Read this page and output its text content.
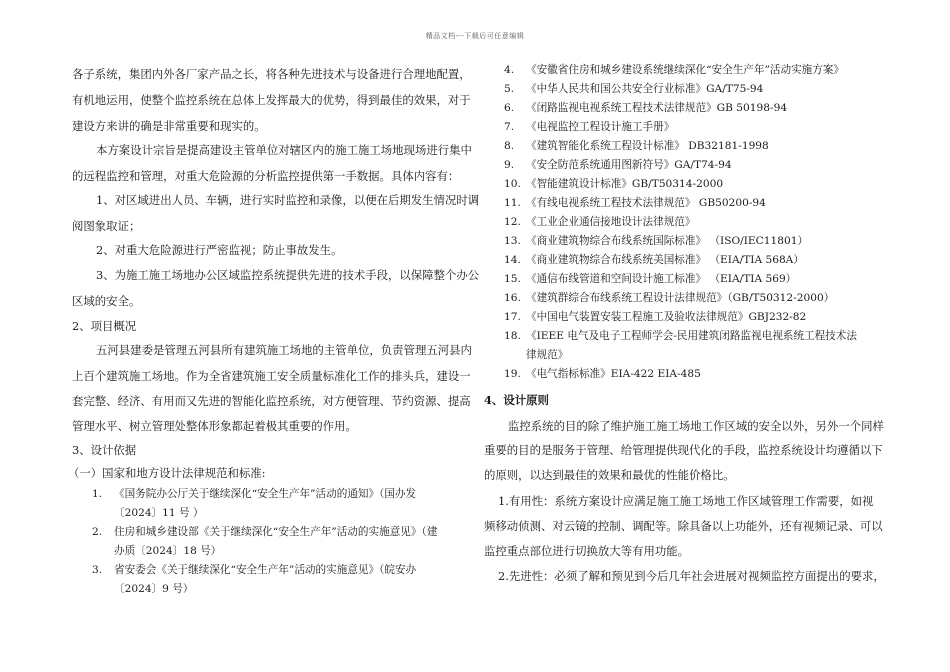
精品文档---下载后可任意编辑
各子系统，集团内外各厂家产品之长，将各种先进技术与设备进行合理地配置，
有机地运用，使整个监控系统在总体上发挥最大的优势，得到最佳的效果，对于
建设方来讲的确是非常重要和现实的。
本方案设计宗旨是提高建设主管单位对辖区内的施工施工场地现场进行集中
的远程监控和管理，对重大危险源的分析监控提供第一手数据。具体内容有：
1、对区域进出人员、车辆，进行实时监控和录像，以便在后期发生情况时调
阅图象取证；
2、对重大危险源进行严密监视；防止事故发生。
3、为施工施工场地办公区域监控系统提供先进的技术手段，以保障整个办公
区域的安全。
2、项目概况
五河县建委是管理五河县所有建筑施工场地的主管单位，负责管理五河县内
上百个建筑施工场地。作为全省建筑施工安全质量标准化工作的排头兵，建设一
套完整、经济、有用而又先进的智能化监控系统，对方便管理、节约资源、提高
管理水平、树立管理处整体形象都起着极其重要的作用。
3、设计依据
（一）国家和地方设计法律规范和标准:
1. 《国务院办公厅关于继续深化“安全生产年”活动的通知》（国办发
〔2024〕11 号 ）
2. 住房和城乡建设部《关于继续深化“安全生产年”活动的实施意见》（建
办质〔2024〕18 号）
3. 省安委会《关于继续深化“安全生产年”活动的实施意见》（皖安办
〔2024〕9 号）
4. 《安徽省住房和城乡建设系统继续深化“安全生产年”活动实施方案》
5. 《中华人民共和国公共安全行业标准》GA/T75-94
6. 《闭路监视电视系统工程技术法律规范》GB 50198-94
7. 《电视监控工程设计施工手册》
8. 《建筑智能化系统工程设计标准》 DB32181-1998
9. 《安全防范系统通用图新符号》GA/T74-94
10. 《智能建筑设计标准》GB/T50314-2000
11. 《有线电视系统工程技术法律规范》 GB50200-94
12. 《工业企业通信接地设计法律规范》
13. 《商业建筑物综合布线系统国际标准》 （ISO/IEC11801）
14. 《商业建筑物综合布线系统美国标准》 （EIA/TIA 568A）
15. 《通信布线管道和空间设计施工标准》 （EIA/TIA 569）
16. 《建筑群综合布线系统工程设计法律规范》（GB/T50312-2000）
17. 《中国电气装置安装工程施工及验收法律规范》GBJ232-82
18. 《IEEE 电气及电子工程师学会-民用建筑闭路监视电视系统工程技术法
律规范》
19. 《电气指标标准》EIA-422 EIA-485
4、设计原则
监控系统的目的除了维护施工施工场地工作区域的安全以外，另外一个同样
重要的目的是服务于管理、给管理提供现代化的手段，监控系统设计均遵循以下
的原则，以达到最佳的效果和最优的性能价格比。
1.有用性：系统方案设计应满足施工施工场地工作区域管理工作需要，如视
频移动侦测、对云镜的控制、调配等。除具备以上功能外，还有视频记录、可以
监控重点部位进行切换放大等有用功能。
2.先进性：必须了解和预见到今后几年社会进展对视频监控方面提出的要求，
